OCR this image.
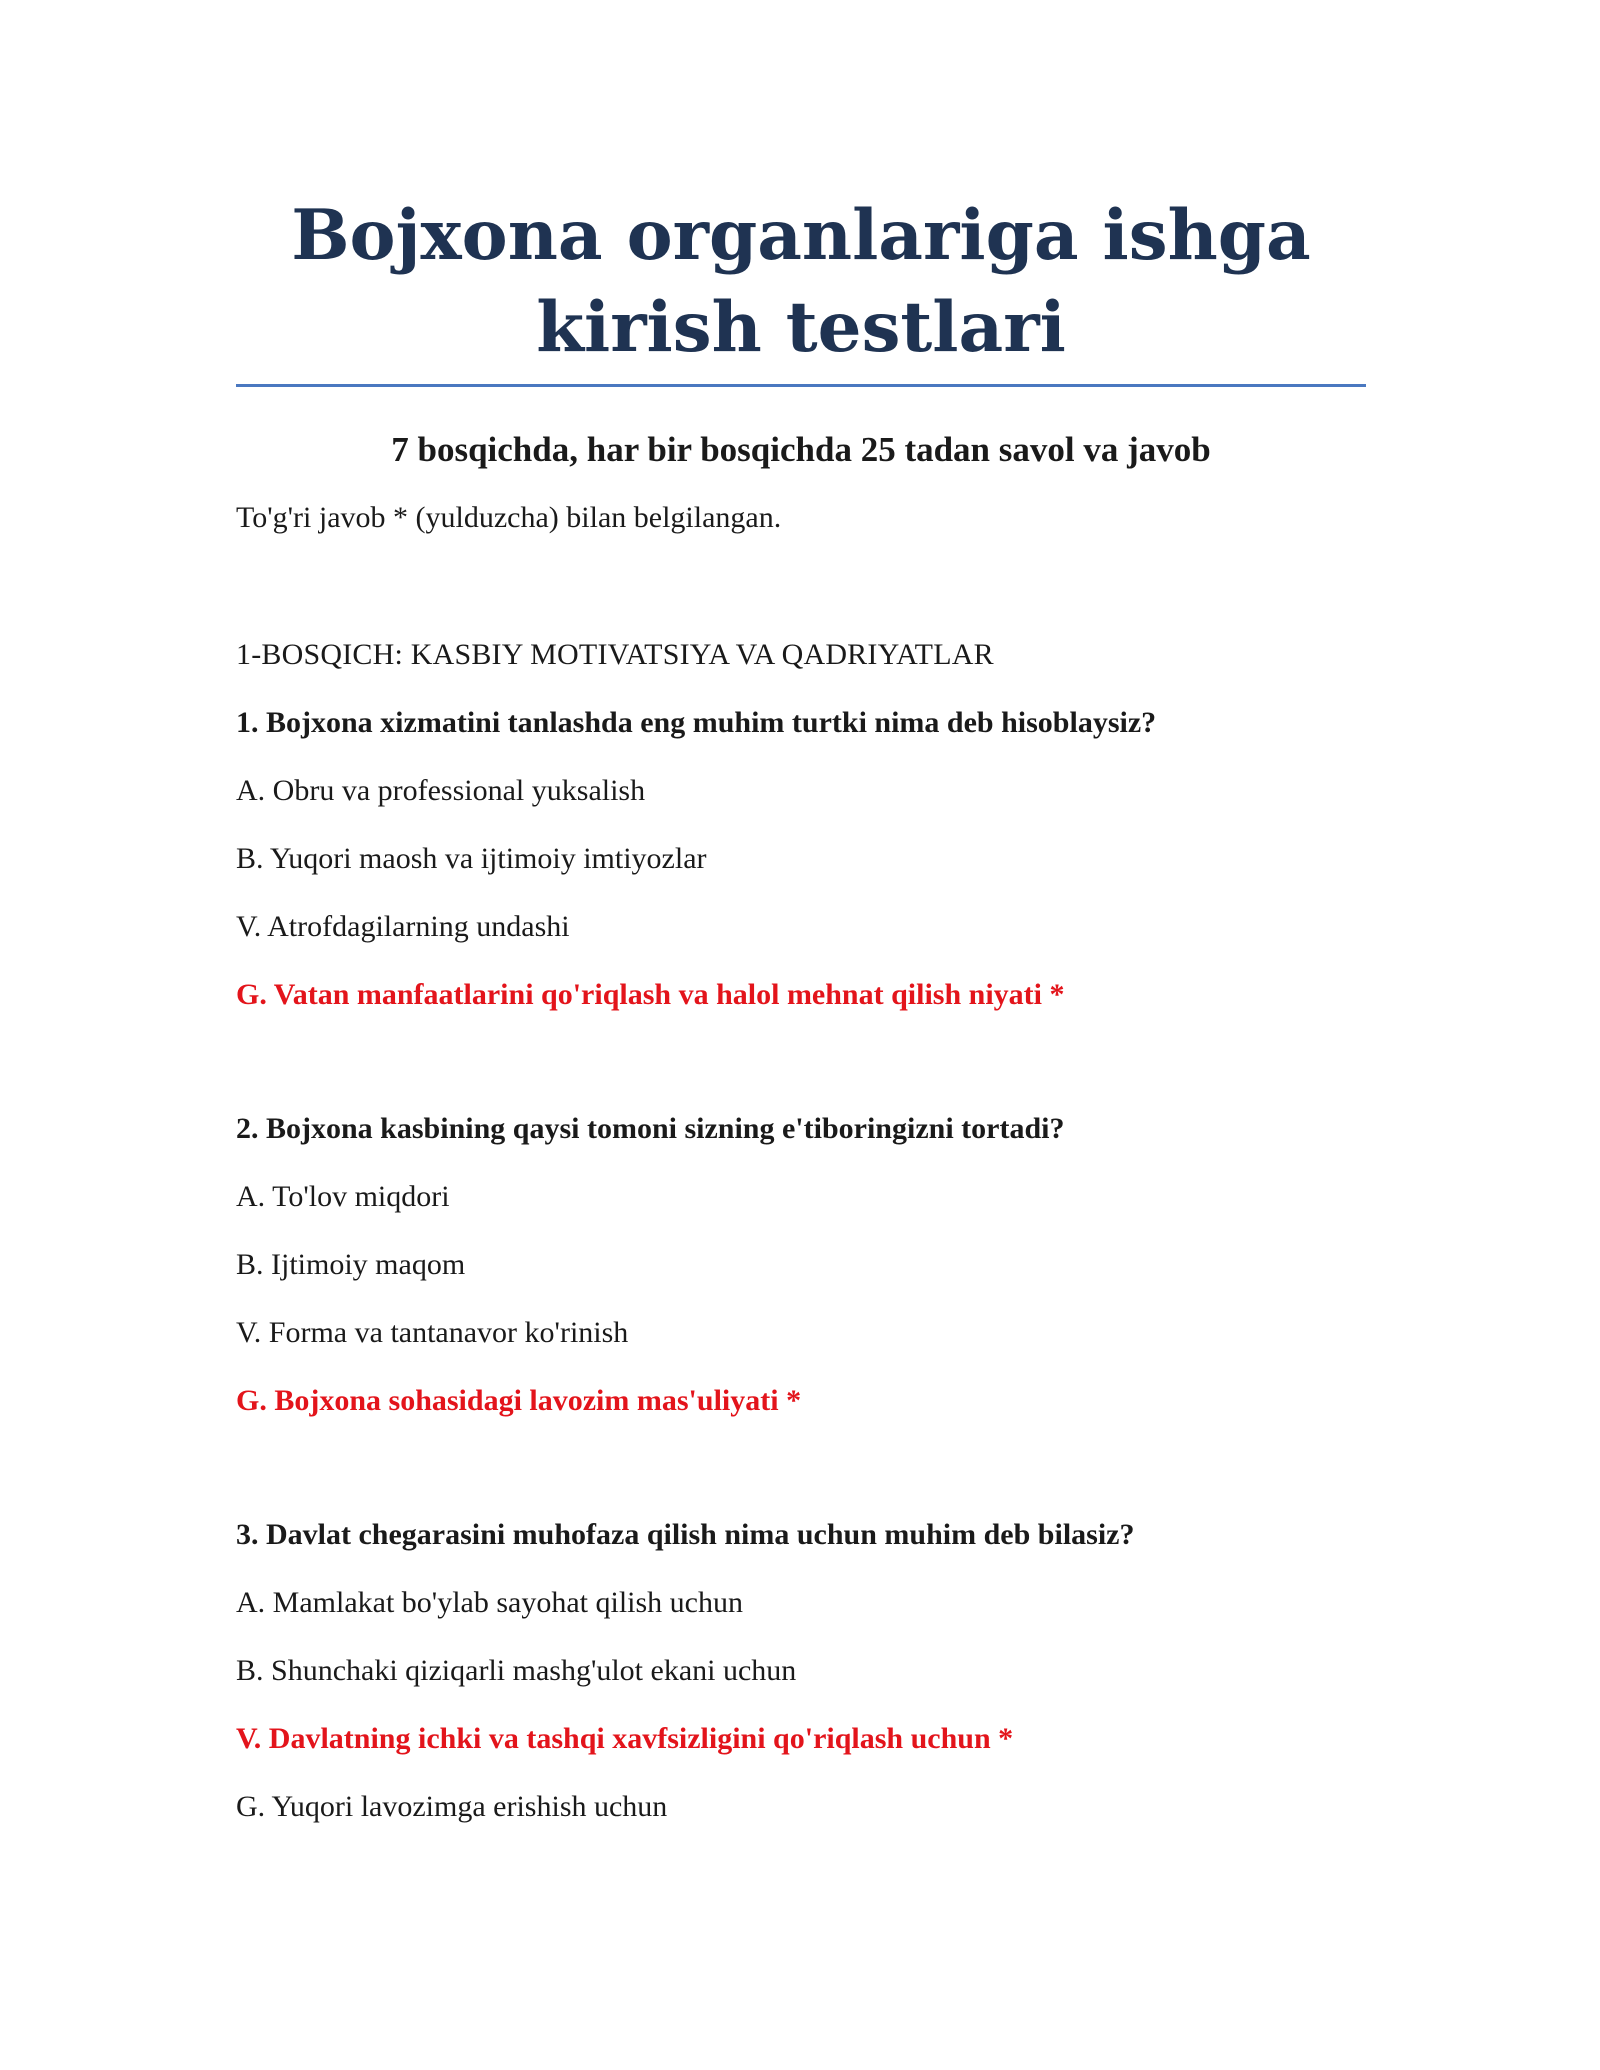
Bojxona organlariga ishga kirish testlari

7 bosqichda, har bir bosqichda 25 tadan savol va javob

To'g'ri javob * (yulduzcha) bilan belgilangan.

1-BOSQICH: KASBIY MOTIVATSIYA VA QADRIYATLAR

1. Bojxona xizmatini tanlashda eng muhim turtki nima deb hisoblaysiz?

A. Obru va professional yuksalish

B. Yuqori maosh va ijtimoiy imtiyozlar

V. Atrofdagilarning undashi

G. Vatan manfaatlarini qo'riqlash va halol mehnat qilish niyati *

2. Bojxona kasbining qaysi tomoni sizning e'tiboringizni tortadi?

A. To'lov miqdori

B. Ijtimoiy maqom

V. Forma va tantanavor ko'rinish

G. Bojxona sohasidagi lavozim mas'uliyati *

3. Davlat chegarasini muhofaza qilish nima uchun muhim deb bilasiz?

A. Mamlakat bo'ylab sayohat qilish uchun

B. Shunchaki qiziqarli mashg'ulot ekani uchun

V. Davlatning ichki va tashqi xavfsizligini qo'riqlash uchun *

G. Yuqori lavozimga erishish uchun
